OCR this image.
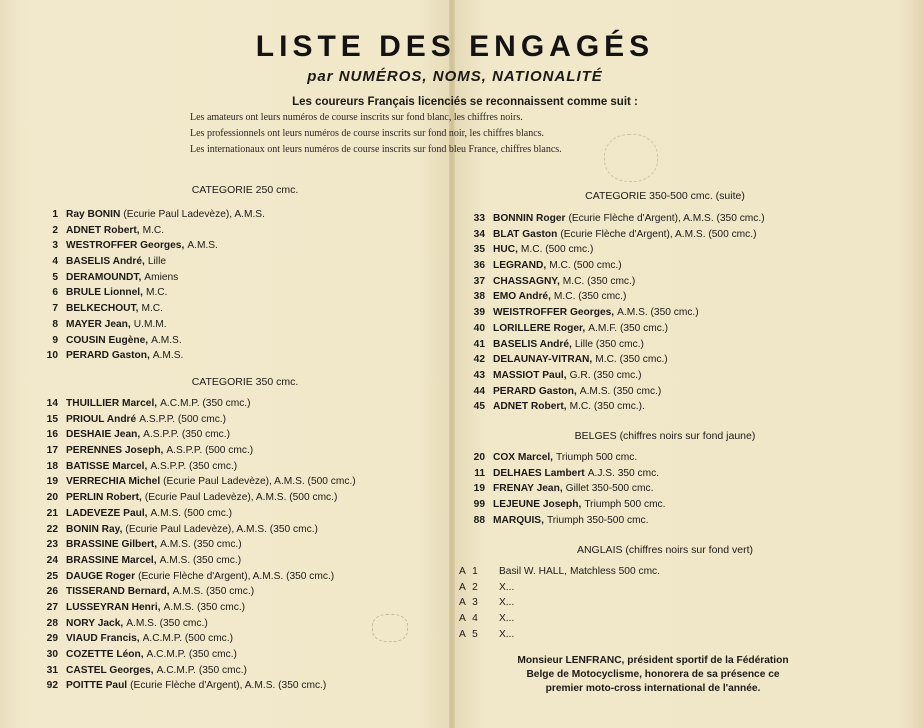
LISTE DES ENGAGÉS
par NUMÉROS, NOMS, NATIONALITÉ
Les coureurs Français licenciés se reconnaissent comme suit :
Les amateurs ont leurs numéros de course inscrits sur fond blanc, les chiffres noirs.
Les professionnels ont leurs numéros de course inscrits sur fond noir, les chiffres blancs.
Les internationaux ont leurs numéros de course inscrits sur fond bleu France, chiffres blancs.
CATEGORIE 250 cmc.
1 Ray BONIN (Ecurie Paul Ladevèze), A.M.S.
2 ADNET Robert, M.C.
3 WESTROFFER Georges, A.M.S.
4 BASELIS André, Lille
5 DERAMOUNDT, Amiens
6 BRULE Lionnel, M.C.
7 BELKECHOUT, M.C.
8 MAYER Jean, U.M.M.
9 COUSIN Eugène, A.M.S.
10 PERARD Gaston, A.M.S.
CATEGORIE 350 cmc.
14 THUILLIER Marcel, A.C.M.P. (350 cmc.)
15 PRIOUL André A.S.P.P. (500 cmc.)
16 DESHAIE Jean, A.S.P.P. (350 cmc.)
17 PERENNES Joseph, A.S.P.P. (500 cmc.)
18 BATISSE Marcel, A.S.P.P. (350 cmc.)
19 VERRECHIA Michel (Ecurie Paul Ladevèze), A.M.S. (500 cmc.)
20 PERLIN Robert, (Ecurie Paul Ladevèze), A.M.S. (500 cmc.)
21 LADEVEZE Paul, A.M.S. (500 cmc.)
22 BONIN Ray, (Ecurie Paul Ladevèze), A.M.S. (350 cmc.)
23 BRASSINE Gilbert, A.M.S. (350 cmc.)
24 BRASSINE Marcel, A.M.S. (350 cmc.)
25 DAUGE Roger (Ecurie Flèche d'Argent), A.M.S. (350 cmc.)
26 TISSERAND Bernard, A.M.S. (350 cmc.)
27 LUSSEYRAN Henri, A.M.S. (350 cmc.)
28 NORY Jack, A.M.S. (350 cmc.)
29 VIAUD Francis, A.C.M.P. (500 cmc.)
30 COZETTE Léon, A.C.M.P. (350 cmc.)
31 CASTEL Georges, A.C.M.P. (350 cmc.)
92 POITTE Paul (Ecurie Flèche d'Argent), A.M.S. (350 cmc.)
CATEGORIE 350-500 cmc. (suite)
33 BONNIN Roger (Ecurie Flèche d'Argent), A.M.S. (350 cmc.)
34 BLAT Gaston (Ecurie Flèche d'Argent), A.M.S. (500 cmc.)
35 HUC, M.C. (500 cmc.)
36 LEGRAND, M.C. (500 cmc.)
37 CHASSAGNY, M.C. (350 cmc.)
38 EMO André, M.C. (350 cmc.)
39 WEISTROFFER Georges, A.M.S. (350 cmc.)
40 LORILLERE Roger, A.M.F. (350 cmc.)
41 BASELIS André, Lille (350 cmc.)
42 DELAUNAY-VITRAN, M.C. (350 cmc.)
43 MASSIOT Paul, G.R. (350 cmc.)
44 PERARD Gaston, A.M.S. (350 cmc.)
45 ADNET Robert, M.C. (350 cmc.).
BELGES (chiffres noirs sur fond jaune)
20 COX Marcel, Triumph 500 cmc.
11 DELHAES Lambert A.J.S. 350 cmc.
19 FRENAY Jean, Gillet 350-500 cmc.
99 LEJEUNE Joseph, Triumph 500 cmc.
88 MARQUIS, Triumph 350-500 cmc.
ANGLAIS (chiffres noirs sur fond vert)
A 1	Basil W. HALL, Matchless 500 cmc.
A 2	X...
A 3	X...
A 4	X...
A 5	X...
Monsieur LENFRANC, président sportif de la Fédération
Belge de Motocyclisme, honorera de sa présence ce
premier moto-cross international de l'année.
